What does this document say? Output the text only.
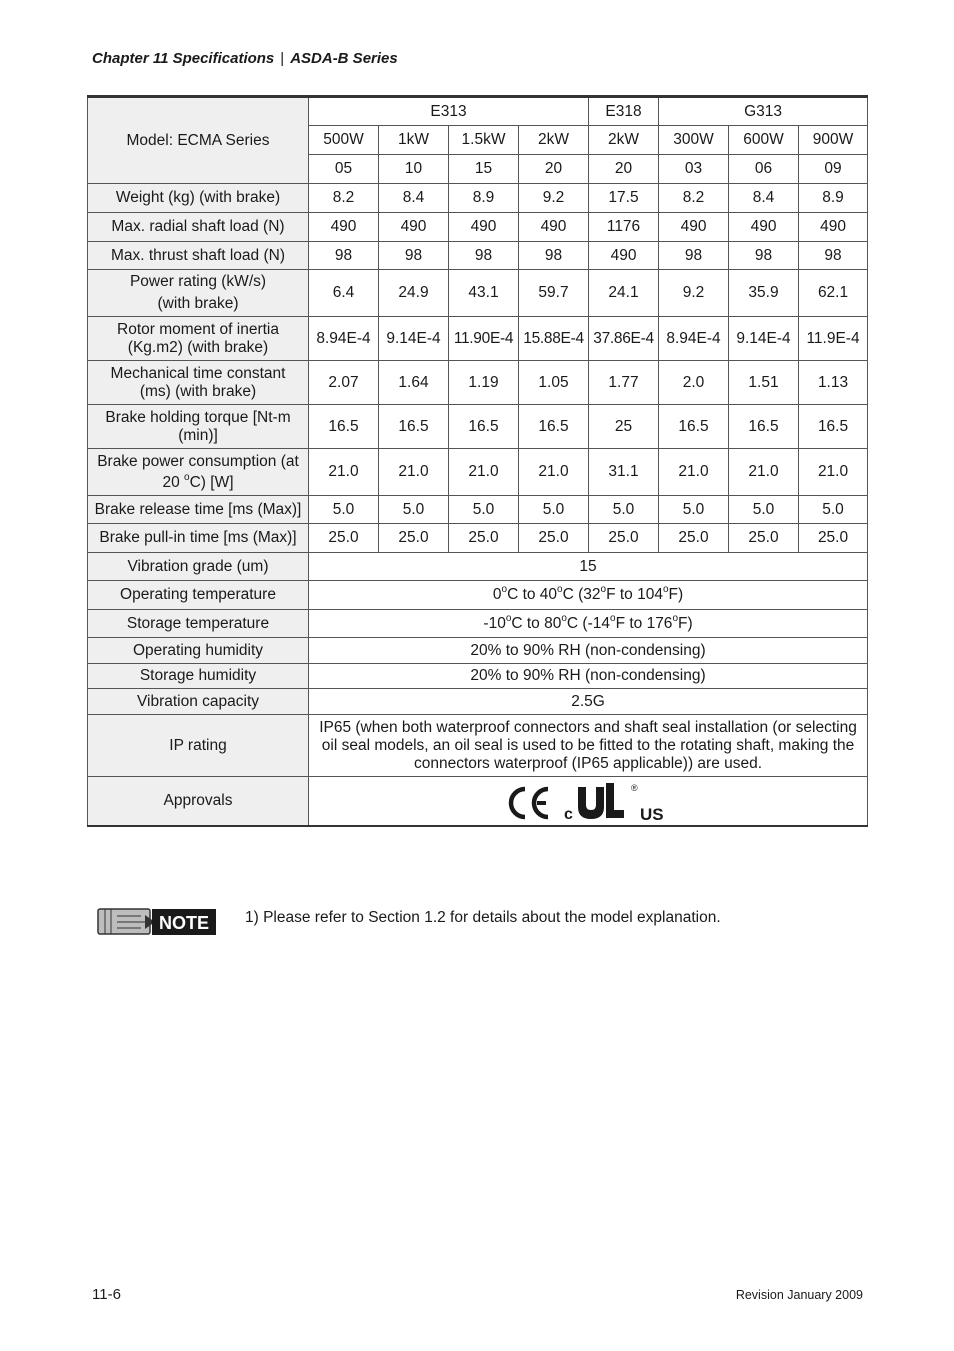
Chapter 11 Specifications | ASDA-B Series
Model: ECMA Series	E313				E318	G313		
	500W	1kW	1.5kW	2kW	2kW	300W	600W	900W
	05	10	15	20	20	03	06	09
Weight (kg) (with brake)	8.2	8.4	8.9	9.2	17.5	8.2	8.4	8.9
Max. radial shaft load (N)	490	490	490	490	1176	490	490	490
Max. thrust shaft load (N)	98	98	98	98	490	98	98	98
Power rating (kW/s)
(with brake)	6.4	24.9	43.1	59.7	24.1	9.2	35.9	62.1
Rotor moment of inertia
(Kg.m2) (with brake)	8.94E-4	9.14E-4	11.90E-4	15.88E-4	37.86E-4	8.94E-4	9.14E-4	11.9E-4
Mechanical time constant
(ms) (with brake)	2.07	1.64	1.19	1.05	1.77	2.0	1.51	1.13
Brake holding torque [Nt-m
(min)]	16.5	16.5	16.5	16.5	25	16.5	16.5	16.5
Brake power consumption (at
20 $^o$C) [W]	21.0	21.0	21.0	21.0	31.1	21.0	21.0	21.0
Brake release time [ms (Max)]	5.0	5.0	5.0	5.0	5.0	5.0	5.0	5.0
Brake pull-in time [ms (Max)]	25.0	25.0	25.0	25.0	25.0	25.0	25.0	25.0
Vibration grade (um)	15							
Operating temperature	0$^o$C to 40$^o$C (32$^o$F to 104$^o$F)							
Storage temperature	-10$^o$C to 80$^o$C (-14$^o$F to 176$^o$F)							
Operating humidity	20% to 90% RH (non-condensing)							
Storage humidity	20% to 90% RH (non-condensing)							
Vibration capacity	2.5G							
IP rating	IP65 (when both waterproof connectors and shaft seal installation (or selecting oil seal models, an oil seal is used to be fitted to the rotating shaft, making the connectors waterproof (IP65 applicable)) are used.							
Approvals	c
®
US							
NOTE 1) Please refer to Section 1.2 for details about the model explanation.
11-6	Revision January 2009
